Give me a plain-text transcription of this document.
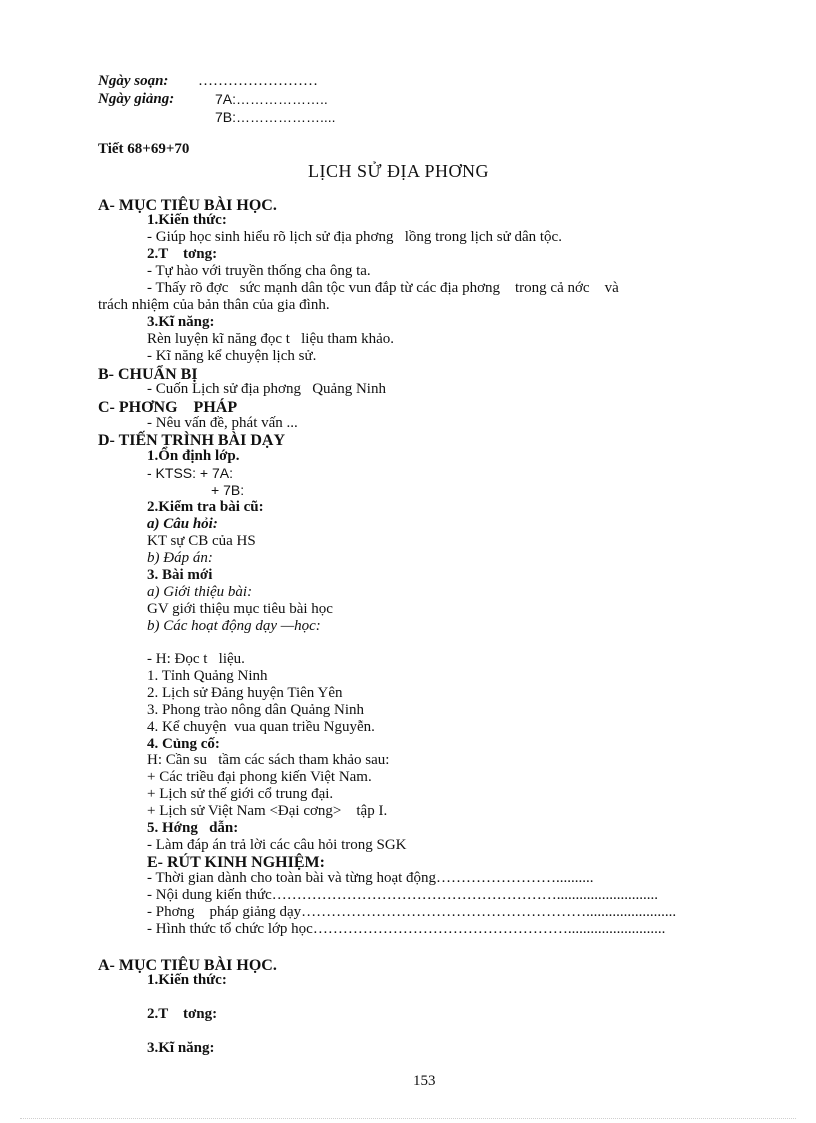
Ngày soạn: ……………………
Ngày giảng:	7A:………………..
7B:………………....
Tiết 68+69+70
LỊCH SỬ ĐỊA PHƠNG
A- MỤC TIÊU BÀI HỌC.
1.Kiến thức:
- Giúp học sinh hiểu rõ lịch sử địa phơng   lồng trong lịch sử dân tộc.
2.T    tơng:
- Tự hào với truyền thống cha ông ta.
- Thấy rõ đợc   sức mạnh dân tộc vun đắp từ các địa phơng    trong cả nớc    và
trách nhiệm của bản thân của gia đình.
3.Kĩ năng:
Rèn luyện kĩ năng đọc t   liệu tham khảo.
- Kĩ năng kể chuyện lịch sử.
B- CHUẨN BỊ
- Cuốn Lịch sử địa phơng   Quảng Ninh
C- PHƠNG    PHÁP
- Nêu vấn đề, phát vấn ...
D- TIẾN TRÌNH BÀI DẠY
1.Ổn định lớp.
- KTSS: + 7A:
+ 7B:
2.Kiểm tra bài cũ:
a) Câu hỏi:
KT sự CB của HS
b) Đáp án:
3. Bài mới
a) Giới thiệu bài:
GV giới thiệu mục tiêu bài học
b) Các hoạt động dạy —học:
- H: Đọc t   liệu.
1. Tỉnh Quảng Ninh
2. Lịch sử Đảng huyện Tiên Yên
3. Phong trào nông dân Quảng Ninh
4. Kể chuyện  vua quan triều Nguyễn.
4. Củng cố:
H: Cần su   tầm các sách tham khảo sau:
+ Các triều đại phong kiến Việt Nam.
+ Lịch sử thế giới cổ trung đại.
+ Lịch sử Việt Nam <Đại cơng>    tập I.
5. Hớng   dẫn:
- Làm đáp án trả lời các câu hỏi trong SGK
E- RÚT KINH NGHIỆM:
- Thời gian dành cho toàn bài và từng hoạt động……………………..........
- Nội dung kiến thức…………………………………………………...........................
- Phơng    pháp giảng dạy…………………………………………………........................
- Hình thức tổ chức lớp học……………………………………………..........................
A- MỤC TIÊU BÀI HỌC.
1.Kiến thức:
2.T    tơng:
3.Kĩ năng:
153
